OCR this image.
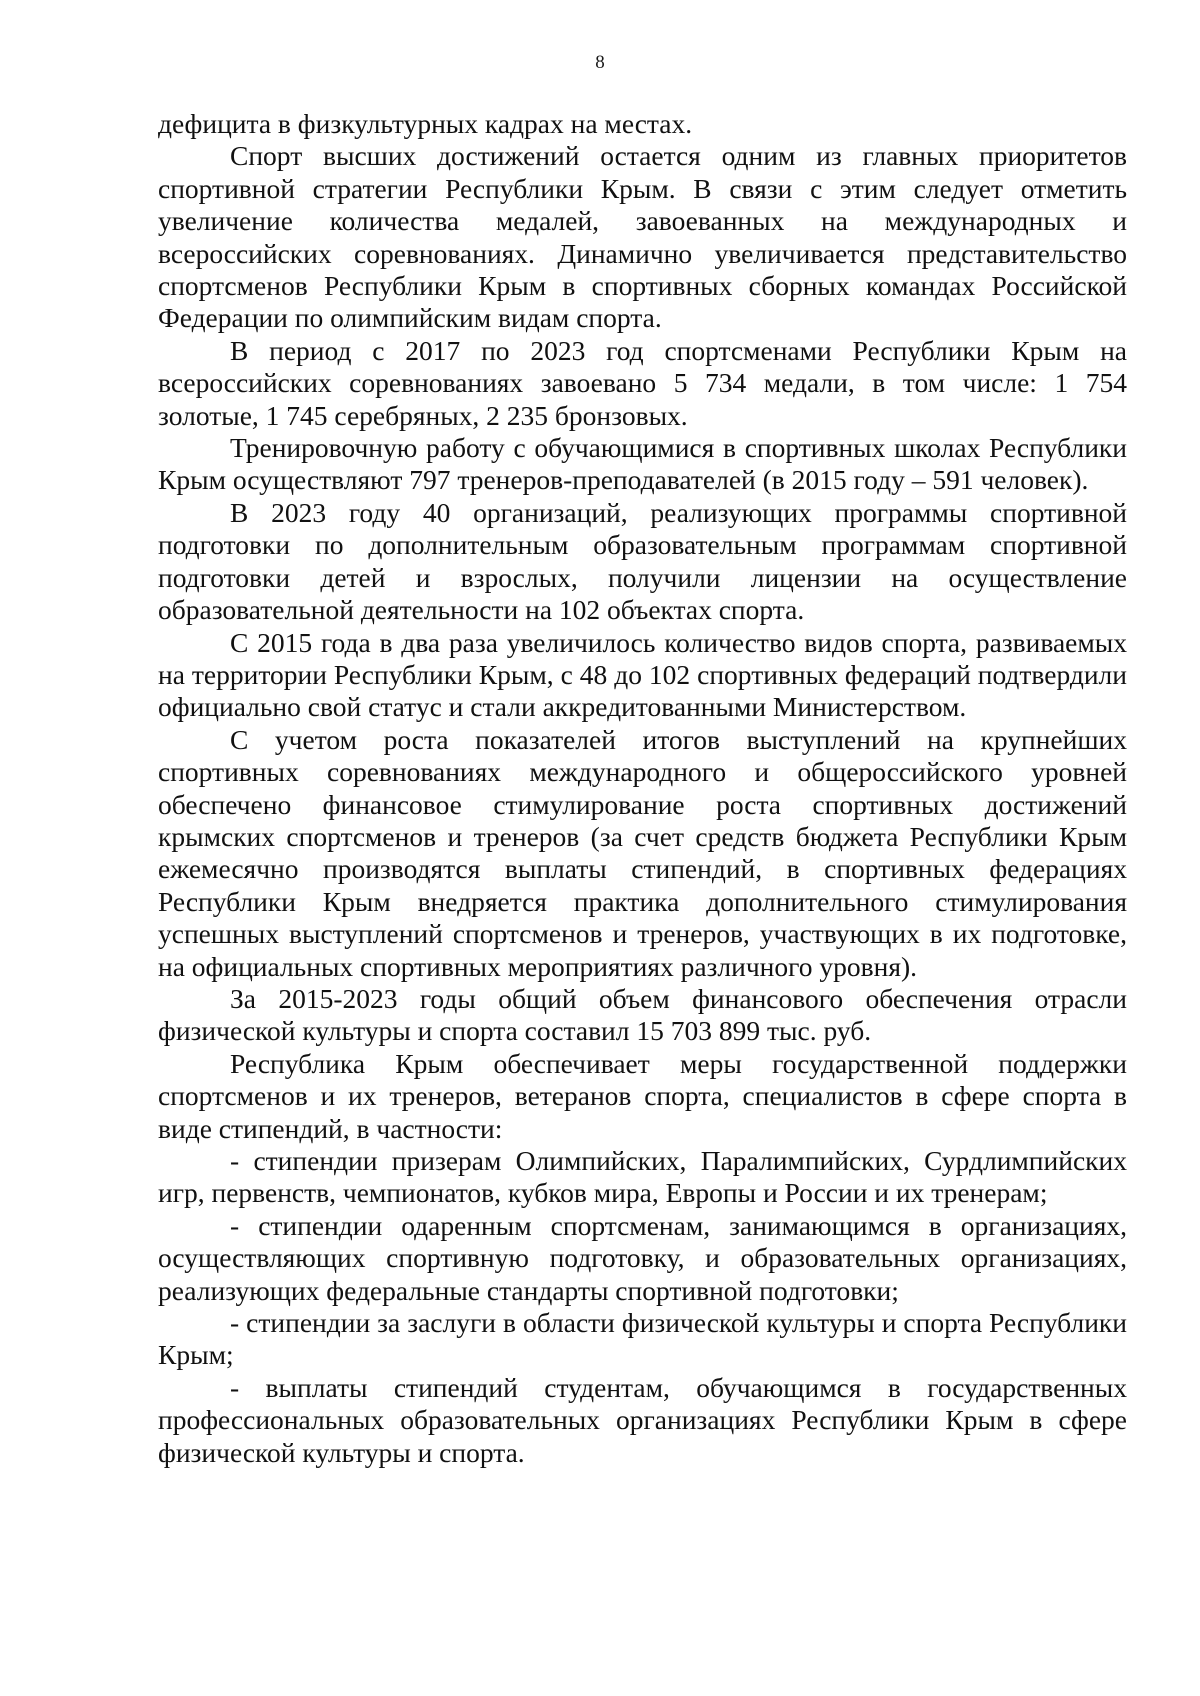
8

дефицита в физкультурных кадрах на местах.

Спорт высших достижений остается одним из главных приоритетов спортивной стратегии Республики Крым. В связи с этим следует отметить увеличение количества медалей, завоеванных на международных и всероссийских соревнованиях. Динамично увеличивается представительство спортсменов Республики Крым в спортивных сборных командах Российской Федерации по олимпийским видам спорта.

В период с 2017 по 2023 год спортсменами Республики Крым на всероссийских соревнованиях завоевано 5 734 медали, в том числе: 1 754 золотые, 1 745 серебряных, 2 235 бронзовых.

Тренировочную работу с обучающимися в спортивных школах Республики Крым осуществляют 797 тренеров-преподавателей (в 2015 году – 591 человек).

В 2023 году 40 организаций, реализующих программы спортивной подготовки по дополнительным образовательным программам спортивной подготовки детей и взрослых, получили лицензии на осуществление образовательной деятельности на 102 объектах спорта.

С 2015 года в два раза увеличилось количество видов спорта, развиваемых на территории Республики Крым, с 48 до 102 спортивных федераций подтвердили официально свой статус и стали аккредитованными Министерством.

С учетом роста показателей итогов выступлений на крупнейших спортивных соревнованиях международного и общероссийского уровней обеспечено финансовое стимулирование роста спортивных достижений крымских спортсменов и тренеров (за счет средств бюджета Республики Крым ежемесячно производятся выплаты стипендий, в спортивных федерациях Республики Крым внедряется практика дополнительного стимулирования успешных выступлений спортсменов и тренеров, участвующих в их подготовке, на официальных спортивных мероприятиях различного уровня).

За 2015-2023 годы общий объем финансового обеспечения отрасли физической культуры и спорта составил 15 703 899 тыс. руб.

Республика Крым обеспечивает меры государственной поддержки спортсменов и их тренеров, ветеранов спорта, специалистов в сфере спорта в виде стипендий, в частности:

- стипендии призерам Олимпийских, Паралимпийских, Сурдлимпийских игр, первенств, чемпионатов, кубков мира, Европы и России и их тренерам;

- стипендии одаренным спортсменам, занимающимся в организациях, осуществляющих спортивную подготовку, и образовательных организациях, реализующих федеральные стандарты спортивной подготовки;

- стипендии за заслуги в области физической культуры и спорта Республики Крым;

- выплаты стипендий студентам, обучающимся в государственных профессиональных образовательных организациях Республики Крым в сфере физической культуры и спорта.
